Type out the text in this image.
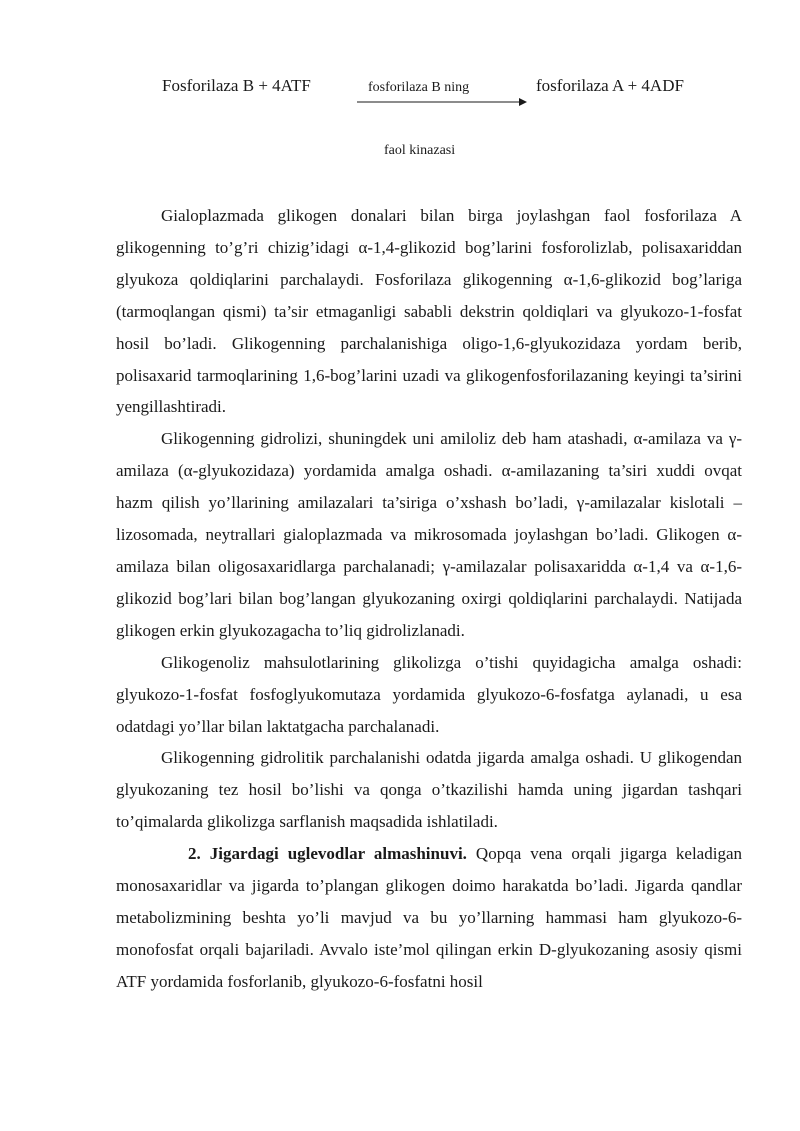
Fosforilaza B + 4ATF	fosforilaza B ning	fosforilaza A + 4ADF
faol kinazasi

Gialoplazmada glikogen donalari bilan birga joylashgan faol fosforilaza A glikogenning to’g’ri chizig’idagi α-1,4-glikozid bog’larini fosforolizlab, polisaxariddan glyukoza qoldiqlarini parchalaydi. Fosforilaza glikogenning α-1,6-glikozid bog’lariga (tarmoqlangan qismi) ta’sir etmaganligi sababli dekstrin qoldiqlari va glyukozo-1-fosfat hosil bo’ladi. Glikogenning parchalanishiga oligo-1,6-glyukozidaza yordam berib, polisaxarid tarmoqlarining 1,6-bog’larini uzadi va glikogenfosforilazaning keyingi ta’sirini yengillashtiradi.

Glikogenning gidrolizi, shuningdek uni amiloliz deb ham atashadi, α-amilaza va γ-amilaza (α-glyukozidaza) yordamida amalga oshadi. α-amilazaning ta’siri xuddi ovqat hazm qilish yo’llarining amilazalari ta’siriga o’xshash bo’ladi, γ-amilazalar kislotali – lizosomada, neytrallari gialoplazmada va mikrosomada joylashgan bo’ladi. Glikogen α-amilaza bilan oligosaxaridlarga parchalanadi; γ-amilazalar polisaxaridda α-1,4 va α-1,6- glikozid bog’lari bilan bog’langan glyukozaning oxirgi qoldiqlarini parchalaydi. Natijada glikogen erkin glyukozagacha to’liq gidrolizlanadi.

Glikogenoliz mahsulotlarining glikolizga o’tishi quyidagicha amalga oshadi: glyukozo-1-fosfat fosfoglyukomutaza yordamida glyukozo-6-fosfatga aylanadi, u esa odatdagi yo’llar bilan laktatgacha parchalanadi.

Glikogenning gidrolitik parchalanishi odatda jigarda amalga oshadi. U glikogendan glyukozaning tez hosil bo’lishi va qonga o’tkazilishi hamda uning jigardan tashqari to’qimalarda glikolizga sarflanish maqsadida ishlatiladi.

2. Jigardagi uglevodlar almashinuvi. Qopqa vena orqali jigarga keladigan monosaxaridlar va jigarda to’plangan glikogen doimo harakatda bo’ladi. Jigarda qandlar metabolizmining beshta yo’li mavjud va bu yo’llarning hammasi ham glyukozo-6-monofosfat orqali bajariladi. Avvalo iste’mol qilingan erkin D-glyukozaning asosiy qismi ATF yordamida fosforlanib, glyukozo-6-fosfatni hosil
